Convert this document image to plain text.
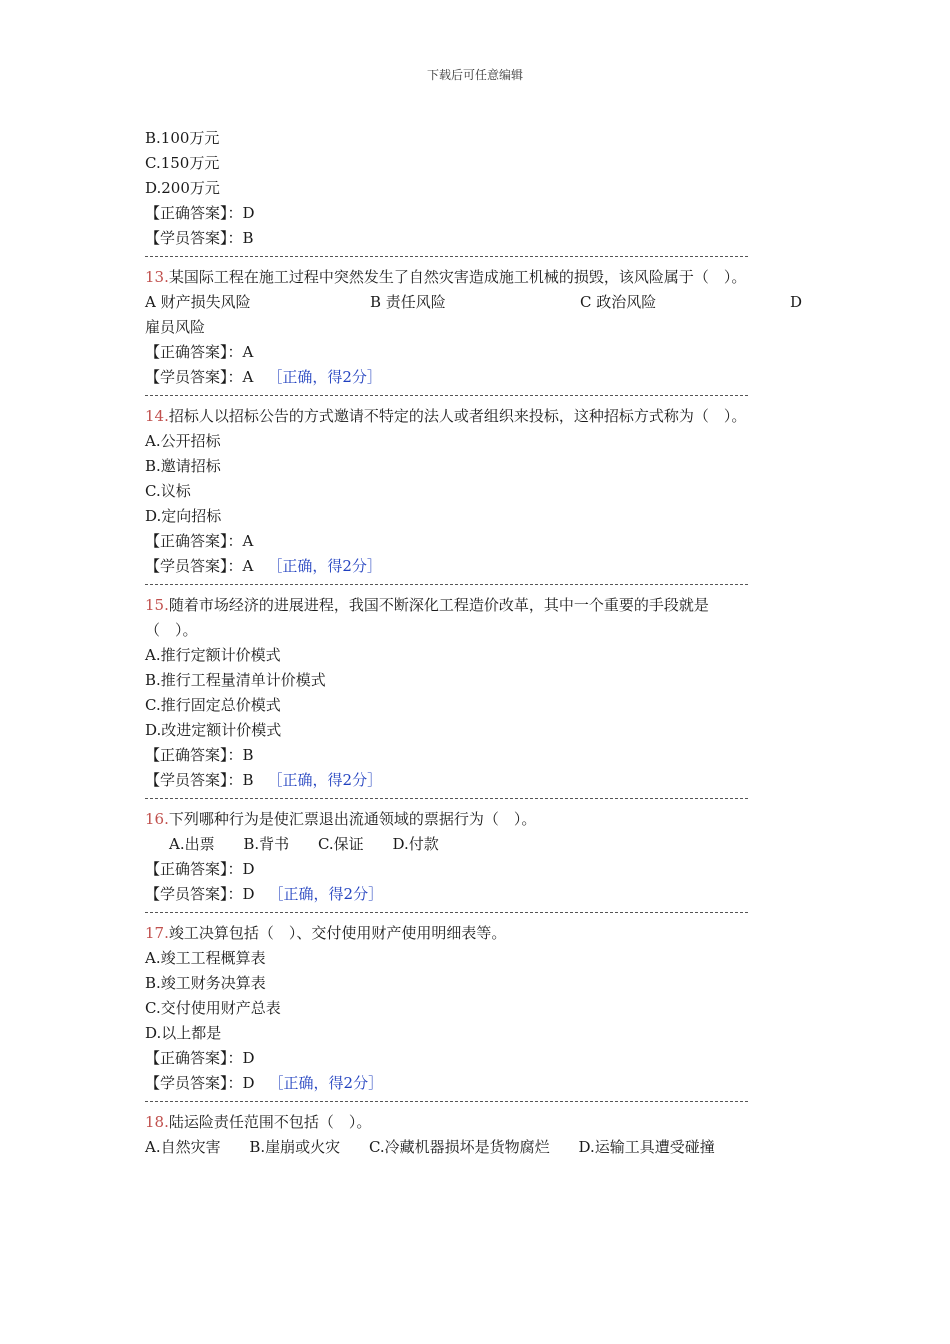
下载后可任意编辑
B.100万元
C.150万元
D.200万元
【正确答案】：D
【学员答案】：B
13.某国际工程在施工过程中突然发生了自然灾害造成施工机械的损毁，该风险属于（　）。
A 财产损失风险	B 责任风险	C 政治风险	D
雇员风险
【正确答案】：A
【学员答案】：A ［正确，得2分］
14.招标人以招标公告的方式邀请不特定的法人或者组织来投标，这种招标方式称为（　）。
A.公开招标
B.邀请招标
C.议标
D.定向招标
【正确答案】：A
【学员答案】：A ［正确，得2分］
15.随着市场经济的进展进程，我国不断深化工程造价改革，其中一个重要的手段就是
（　）。
A.推行定额计价模式
B.推行工程量清单计价模式
C.推行固定总价模式
D.改进定额计价模式
【正确答案】：B
【学员答案】：B ［正确，得2分］
16.下列哪种行为是使汇票退出流通领域的票据行为（　）。
A.出票 B.背书 C.保证 D.付款
【正确答案】：D
【学员答案】：D ［正确，得2分］
17.竣工决算包括（　）、交付使用财产使用明细表等。
A.竣工工程概算表
B.竣工财务决算表
C.交付使用财产总表
D.以上都是
【正确答案】：D
【学员答案】：D ［正确，得2分］
18.陆运险责任范围不包括（　）。
A.自然灾害 B.崖崩或火灾 C.冷藏机器损坏是货物腐烂 D.运输工具遭受碰撞
